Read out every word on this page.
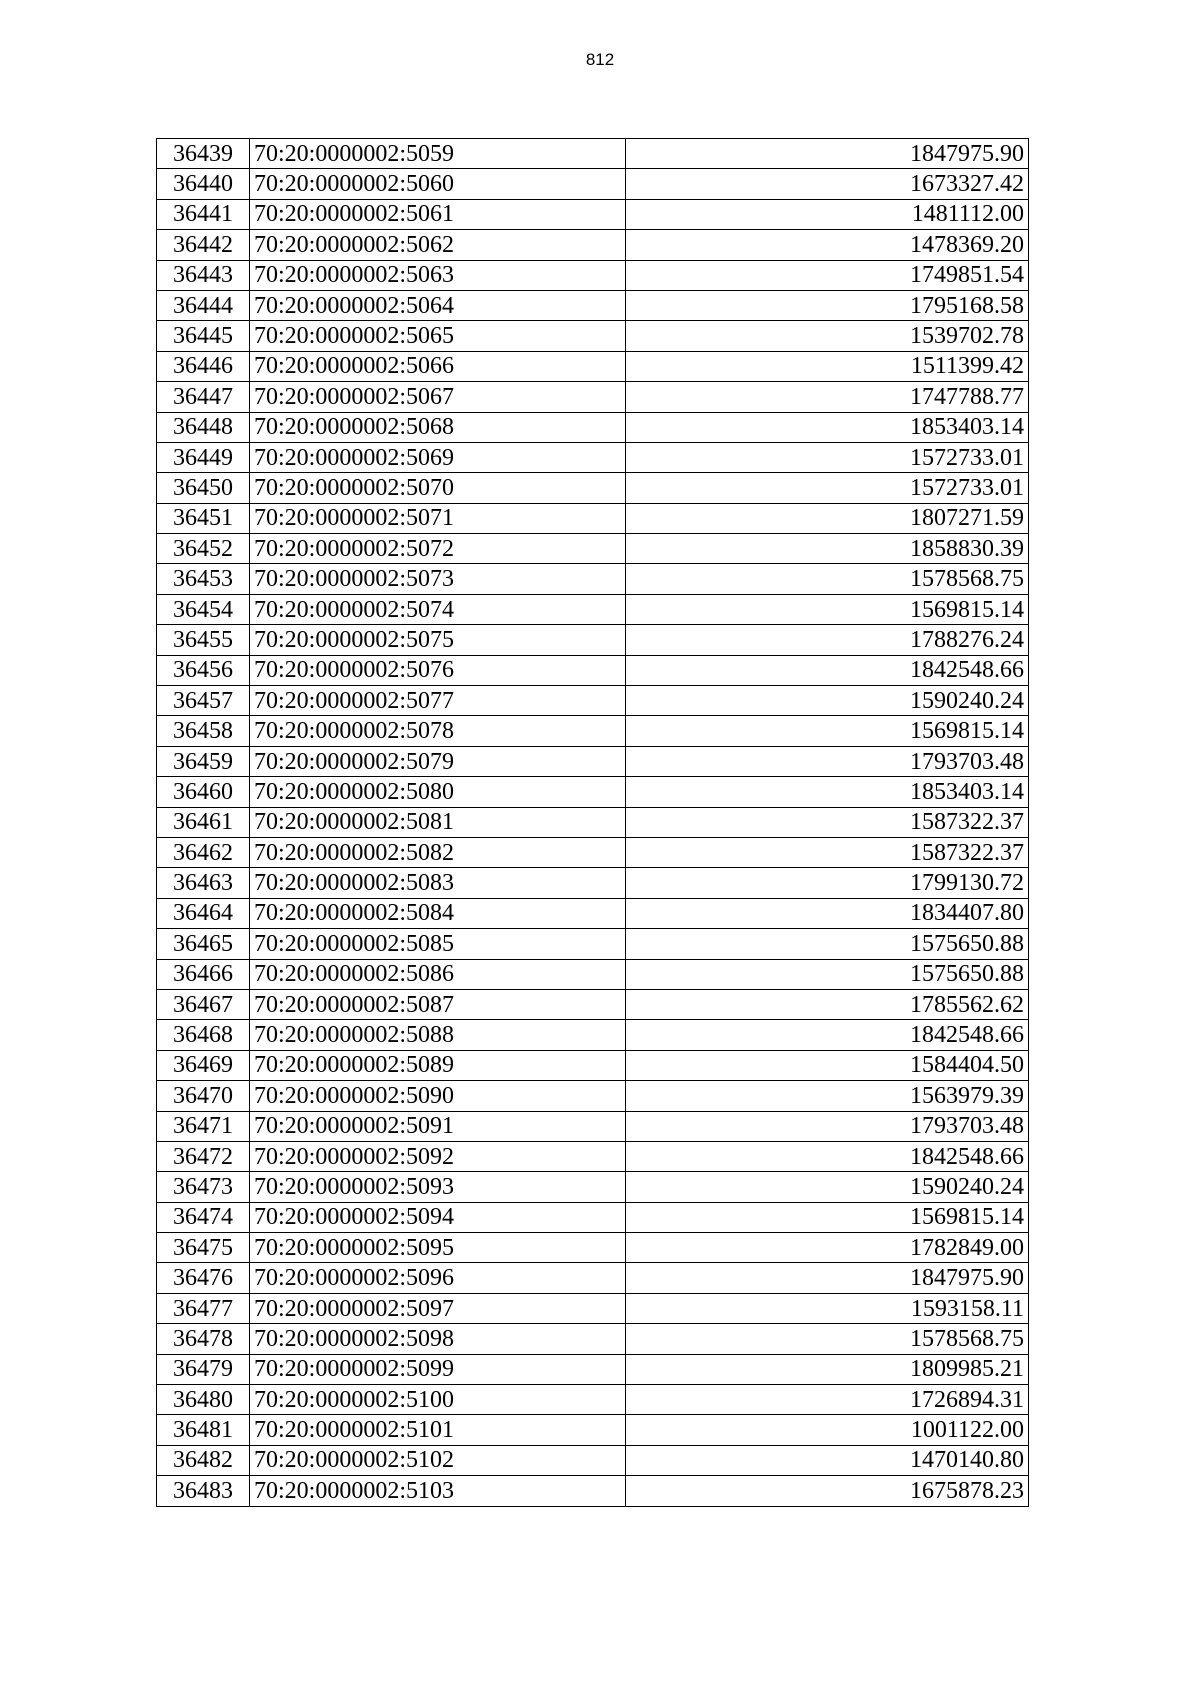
812
36439	70:20:0000002:5059	1847975.90
36440	70:20:0000002:5060	1673327.42
36441	70:20:0000002:5061	1481112.00
36442	70:20:0000002:5062	1478369.20
36443	70:20:0000002:5063	1749851.54
36444	70:20:0000002:5064	1795168.58
36445	70:20:0000002:5065	1539702.78
36446	70:20:0000002:5066	1511399.42
36447	70:20:0000002:5067	1747788.77
36448	70:20:0000002:5068	1853403.14
36449	70:20:0000002:5069	1572733.01
36450	70:20:0000002:5070	1572733.01
36451	70:20:0000002:5071	1807271.59
36452	70:20:0000002:5072	1858830.39
36453	70:20:0000002:5073	1578568.75
36454	70:20:0000002:5074	1569815.14
36455	70:20:0000002:5075	1788276.24
36456	70:20:0000002:5076	1842548.66
36457	70:20:0000002:5077	1590240.24
36458	70:20:0000002:5078	1569815.14
36459	70:20:0000002:5079	1793703.48
36460	70:20:0000002:5080	1853403.14
36461	70:20:0000002:5081	1587322.37
36462	70:20:0000002:5082	1587322.37
36463	70:20:0000002:5083	1799130.72
36464	70:20:0000002:5084	1834407.80
36465	70:20:0000002:5085	1575650.88
36466	70:20:0000002:5086	1575650.88
36467	70:20:0000002:5087	1785562.62
36468	70:20:0000002:5088	1842548.66
36469	70:20:0000002:5089	1584404.50
36470	70:20:0000002:5090	1563979.39
36471	70:20:0000002:5091	1793703.48
36472	70:20:0000002:5092	1842548.66
36473	70:20:0000002:5093	1590240.24
36474	70:20:0000002:5094	1569815.14
36475	70:20:0000002:5095	1782849.00
36476	70:20:0000002:5096	1847975.90
36477	70:20:0000002:5097	1593158.11
36478	70:20:0000002:5098	1578568.75
36479	70:20:0000002:5099	1809985.21
36480	70:20:0000002:5100	1726894.31
36481	70:20:0000002:5101	1001122.00
36482	70:20:0000002:5102	1470140.80
36483	70:20:0000002:5103	1675878.23
